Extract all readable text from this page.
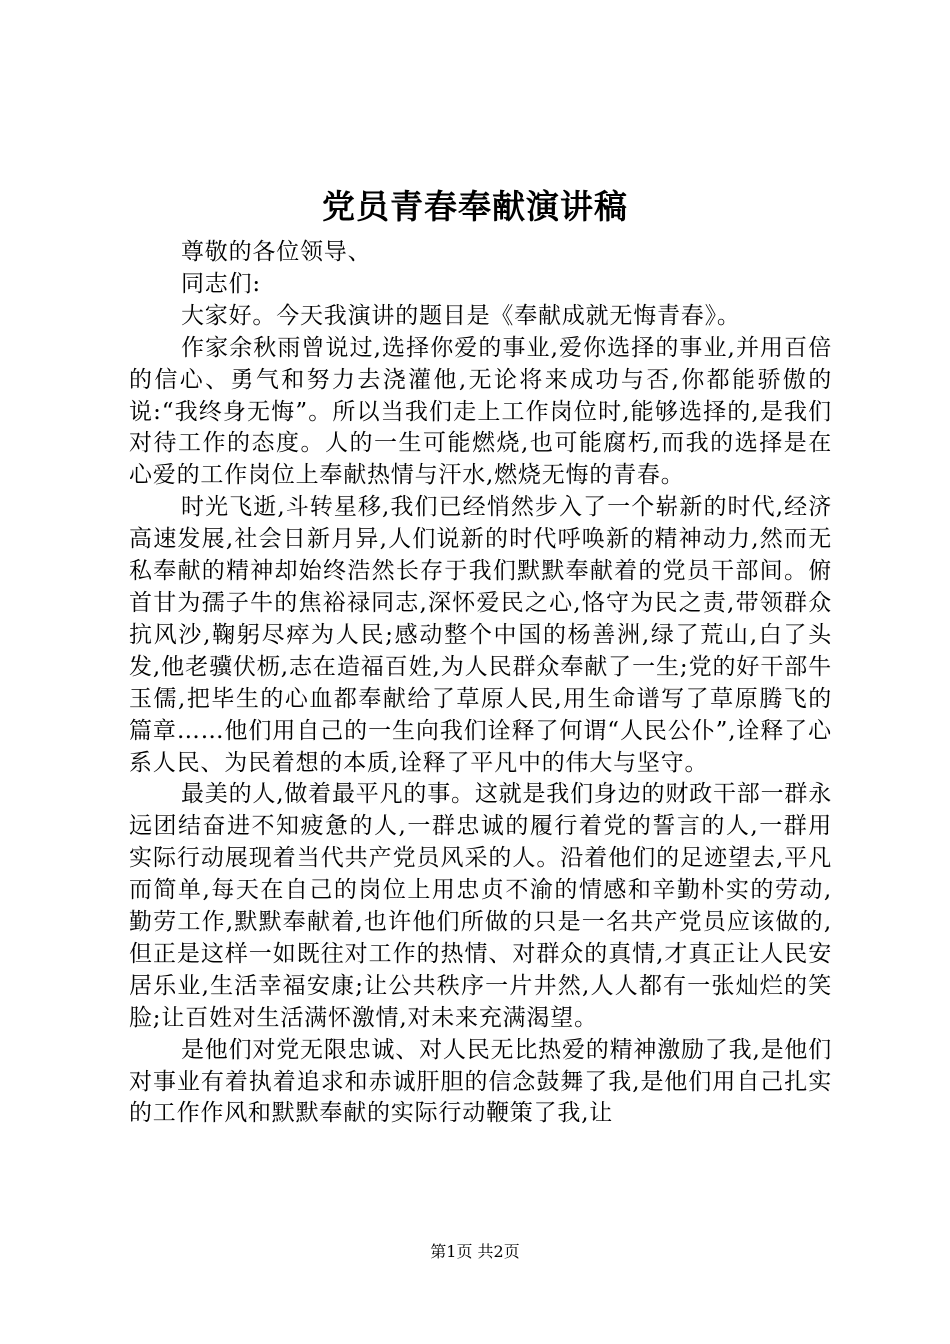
党员青春奉献演讲稿

尊敬的各位领导、

同志们:

大家好。今天我演讲的题目是《奉献成就无悔青春》。

作家余秋雨曾说过,选择你爱的事业,爱你选择的事业,并用百倍的信心、勇气和努力去浇灌他,无论将来成功与否,你都能骄傲的说:“我终身无悔”。所以当我们走上工作岗位时,能够选择的,是我们对待工作的态度。人的一生可能燃烧,也可能腐朽,而我的选择是在心爱的工作岗位上奉献热情与汗水,燃烧无悔的青春。

时光飞逝,斗转星移,我们已经悄然步入了一个崭新的时代,经济高速发展,社会日新月异,人们说新的时代呼唤新的精神动力,然而无私奉献的精神却始终浩然长存于我们默默奉献着的党员干部间。俯首甘为孺子牛的焦裕禄同志,深怀爱民之心,恪守为民之责,带领群众抗风沙,鞠躬尽瘁为人民;感动整个中国的杨善洲,绿了荒山,白了头发,他老骥伏枥,志在造福百姓,为人民群众奉献了一生;党的好干部牛玉儒,把毕生的心血都奉献给了草原人民,用生命谱写了草原腾飞的篇章……他们用自己的一生向我们诠释了何谓“人民公仆”,诠释了心系人民、为民着想的本质,诠释了平凡中的伟大与坚守。

最美的人,做着最平凡的事。这就是我们身边的财政干部一群永远团结奋进不知疲惫的人,一群忠诚的履行着党的誓言的人,一群用实际行动展现着当代共产党员风采的人。沿着他们的足迹望去,平凡而简单,每天在自己的岗位上用忠贞不渝的情感和辛勤朴实的劳动,勤劳工作,默默奉献着,也许他们所做的只是一名共产党员应该做的,但正是这样一如既往对工作的热情、对群众的真情,才真正让人民安居乐业,生活幸福安康;让公共秩序一片井然,人人都有一张灿烂的笑脸;让百姓对生活满怀激情,对未来充满渴望。

是他们对党无限忠诚、对人民无比热爱的精神激励了我,是他们对事业有着执着追求和赤诚肝胆的信念鼓舞了我,是他们用自己扎实的工作作风和默默奉献的实际行动鞭策了我,让

第1页 共2页
